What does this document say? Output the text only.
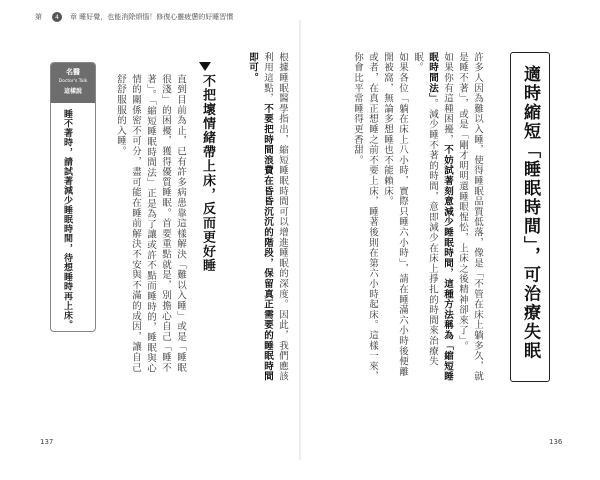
第	4	章 睡好覺，也能消除煩惱！修復心靈疲憊的好睡習慣
適時縮短「睡眠時間」，可治療失眠
許多人因為難以入睡，使得睡眠品質低落，像是「不管在床上躺多久，就是睡不著」，或是「剛才明明還睡眼惺忪，上床之後精神卻來了」。
如果你有這種困擾，不妨試著刻意減少睡眠時間，這種方法稱為「縮短睡眠時間法」。減少睡不著的時間，意即減少在床上掙扎的時間來治療失眠。
如果各位「躺在床上八小時，實際只睡六小時」，請在睡滿六小時後便離開被窩，無論多想睡也不能賴床。
或者，在真正想睡之前不要上床，睡著後則在第六小時起床。這樣一來，你會比平常睡得更香甜。
根據睡眠醫學指出，縮短睡眠時間可以增進睡眠的深度。因此，我們應該利用這點，不要把時間浪費在昏昏沉沉的階段，保留真正需要的睡眠時間即可。
不把壞情緒帶上床，反而更好睡
直到目前為止，已有許多病患靠這樣解決「難以入睡」或是「睡眠很淺」的困擾，獲得優質睡眠。首要重點就是，別擔心自己「睡不著」。「縮短睡眠時間法」正是為了讓或許不點而睡時的，睡眠與心情的關係密不可分，盡可能在睡前解決不安與不滿的成因，讓自己舒舒服服的入睡。
名醫
Doctor's Talk
這樣說
睡不著時，請試著減少睡眠時間，待想睡時再上床。
137	136
